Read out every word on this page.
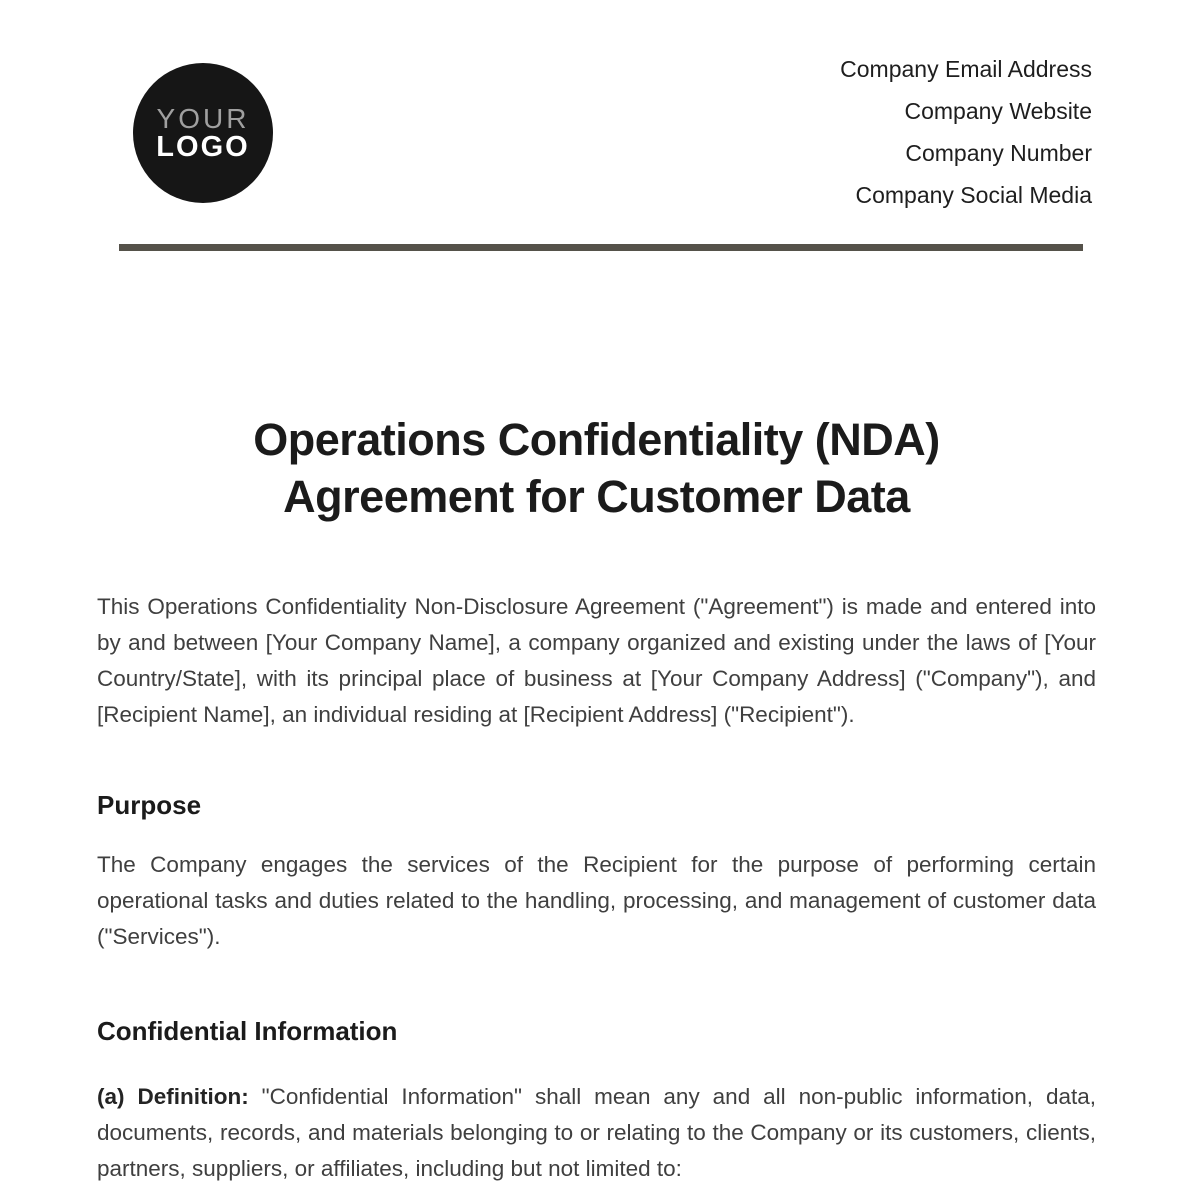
YOUR
LOGO
Company Email Address
Company Website
Company Number
Company Social Media
Operations Confidentiality (NDA)
Agreement for Customer Data

This Operations Confidentiality Non-Disclosure Agreement ("Agreement") is made and entered into by and between [Your Company Name], a company organized and existing under the laws of [Your Country/State], with its principal place of business at [Your Company Address] ("Company"), and [Recipient Name], an individual residing at [Recipient Address] ("Recipient").

Purpose

The Company engages the services of the Recipient for the purpose of performing certain operational tasks and duties related to the handling, processing, and management of customer data ("Services").

Confidential Information

(a) Definition: "Confidential Information" shall mean any and all non-public information, data, documents, records, and materials belonging to or relating to the Company or its customers, clients, partners, suppliers, or affiliates, including but not limited to:
